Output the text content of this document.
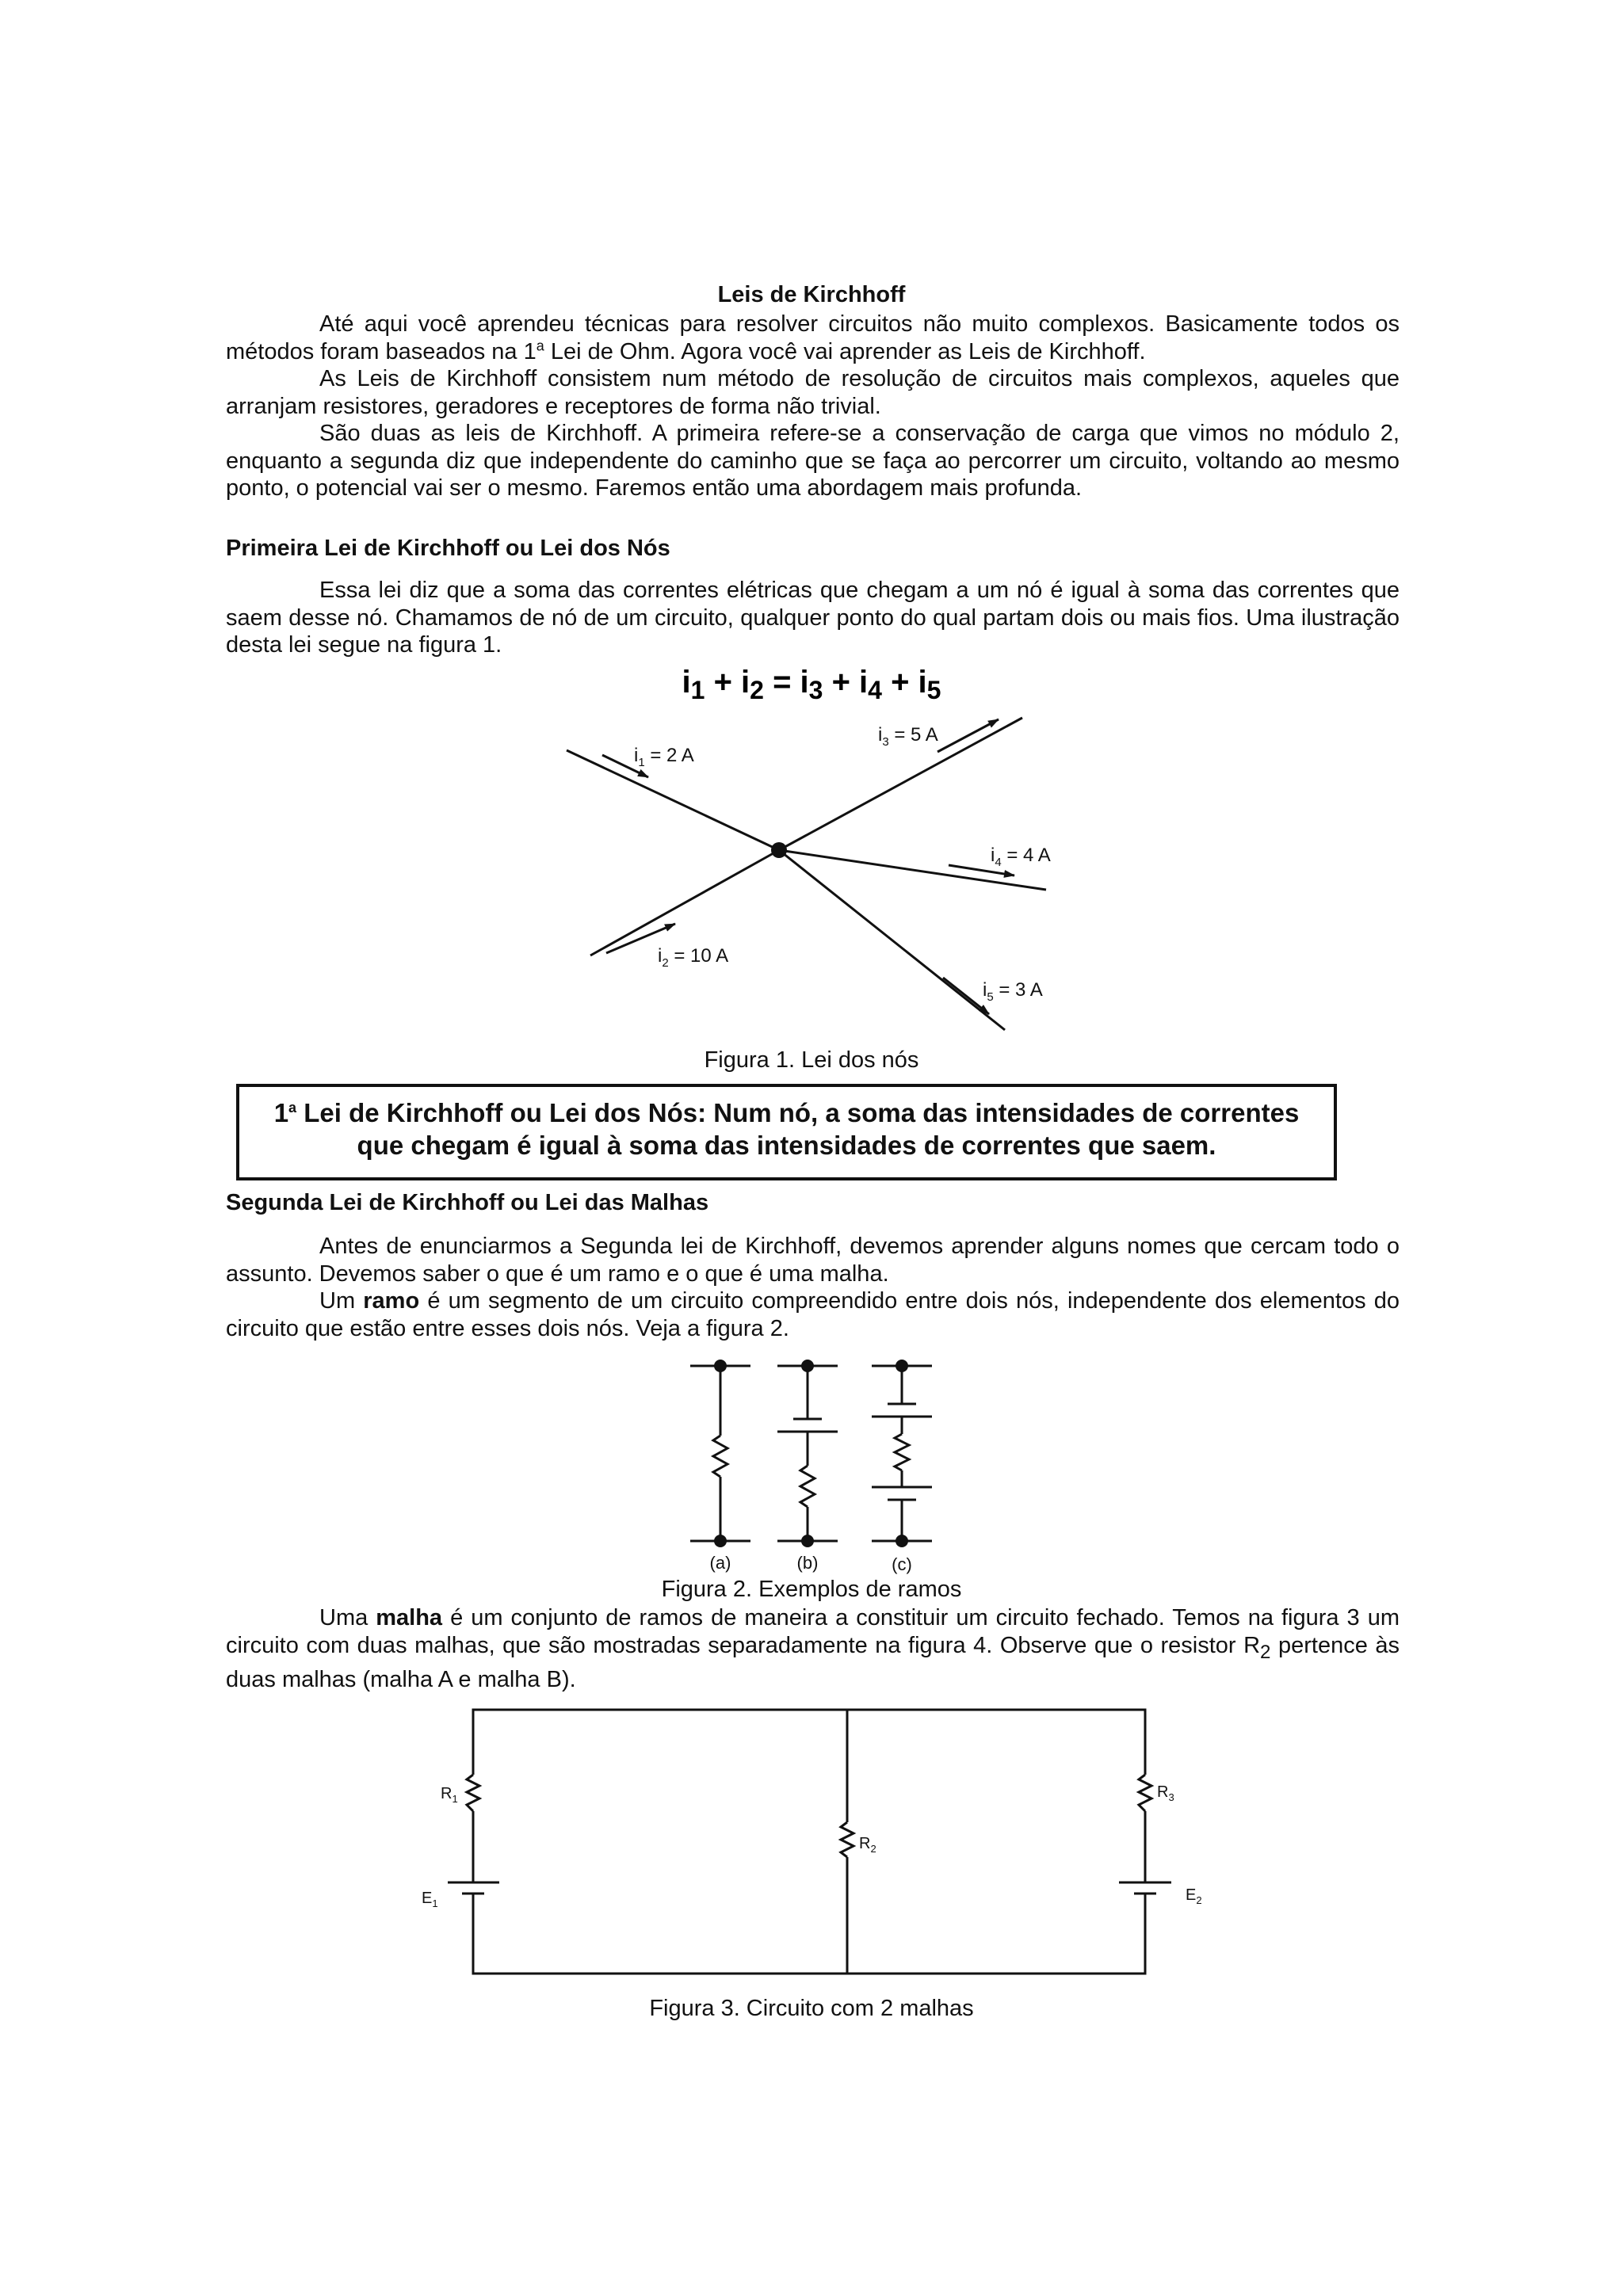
Leis de Kirchhoff

Até aqui você aprendeu técnicas para resolver circuitos não muito complexos. Basicamente todos os métodos foram baseados na 1$^a$ Lei de Ohm. Agora você vai aprender as Leis de Kirchhoff.

As Leis de Kirchhoff consistem num método de resolução de circuitos mais complexos, aqueles que arranjam resistores, geradores e receptores de forma não trivial.

São duas as leis de Kirchhoff. A primeira refere-se a conservação de carga que vimos no módulo 2, enquanto a segunda diz que independente do caminho que se faça ao percorrer um circuito, voltando ao mesmo ponto, o potencial vai ser o mesmo. Faremos então uma abordagem mais profunda.

Primeira Lei de Kirchhoff ou Lei dos Nós

Essa lei diz que a soma das correntes elétricas que chegam a um nó é igual à soma das correntes que saem desse nó. Chamamos de nó de um circuito, qualquer ponto do qual partam dois ou mais fios. Uma ilustração desta lei segue na figura 1.

$i_1 + i_2 = i_3 + i_4 + i_5$
$i_1 = 2$ A
$i_2 = 10$ A
$i_3 = 5$ A
$i_4 = 4$ A
$i_5 = 3$ A
Figura 1. Lei dos nós
1$^a$ Lei de Kirchhoff ou Lei dos Nós: Num nó, a soma das intensidades de correntes
que chegam é igual à soma das intensidades de correntes que saem.
Segunda Lei de Kirchhoff ou Lei das Malhas

Antes de enunciarmos a Segunda lei de Kirchhoff, devemos aprender alguns nomes que cercam todo o assunto. Devemos saber o que é um ramo e o que é uma malha.

Um ramo é um segmento de um circuito compreendido entre dois nós, independente dos elementos do circuito que estão entre esses dois nós. Veja a figura 2.

(a)	(b)	(c)
Figura 2. Exemplos de ramos

Uma malha é um conjunto de ramos de maneira a constituir um circuito fechado. Temos na figura 3 um circuito com duas malhas, que são mostradas separadamente na figura 4. Observe que o resistor $R_2$ pertence às duas malhas (malha A e malha B).

$R_1$
$R_2$
$R_3$
$E_1$	$E_2$
Figura 3. Circuito com 2 malhas
